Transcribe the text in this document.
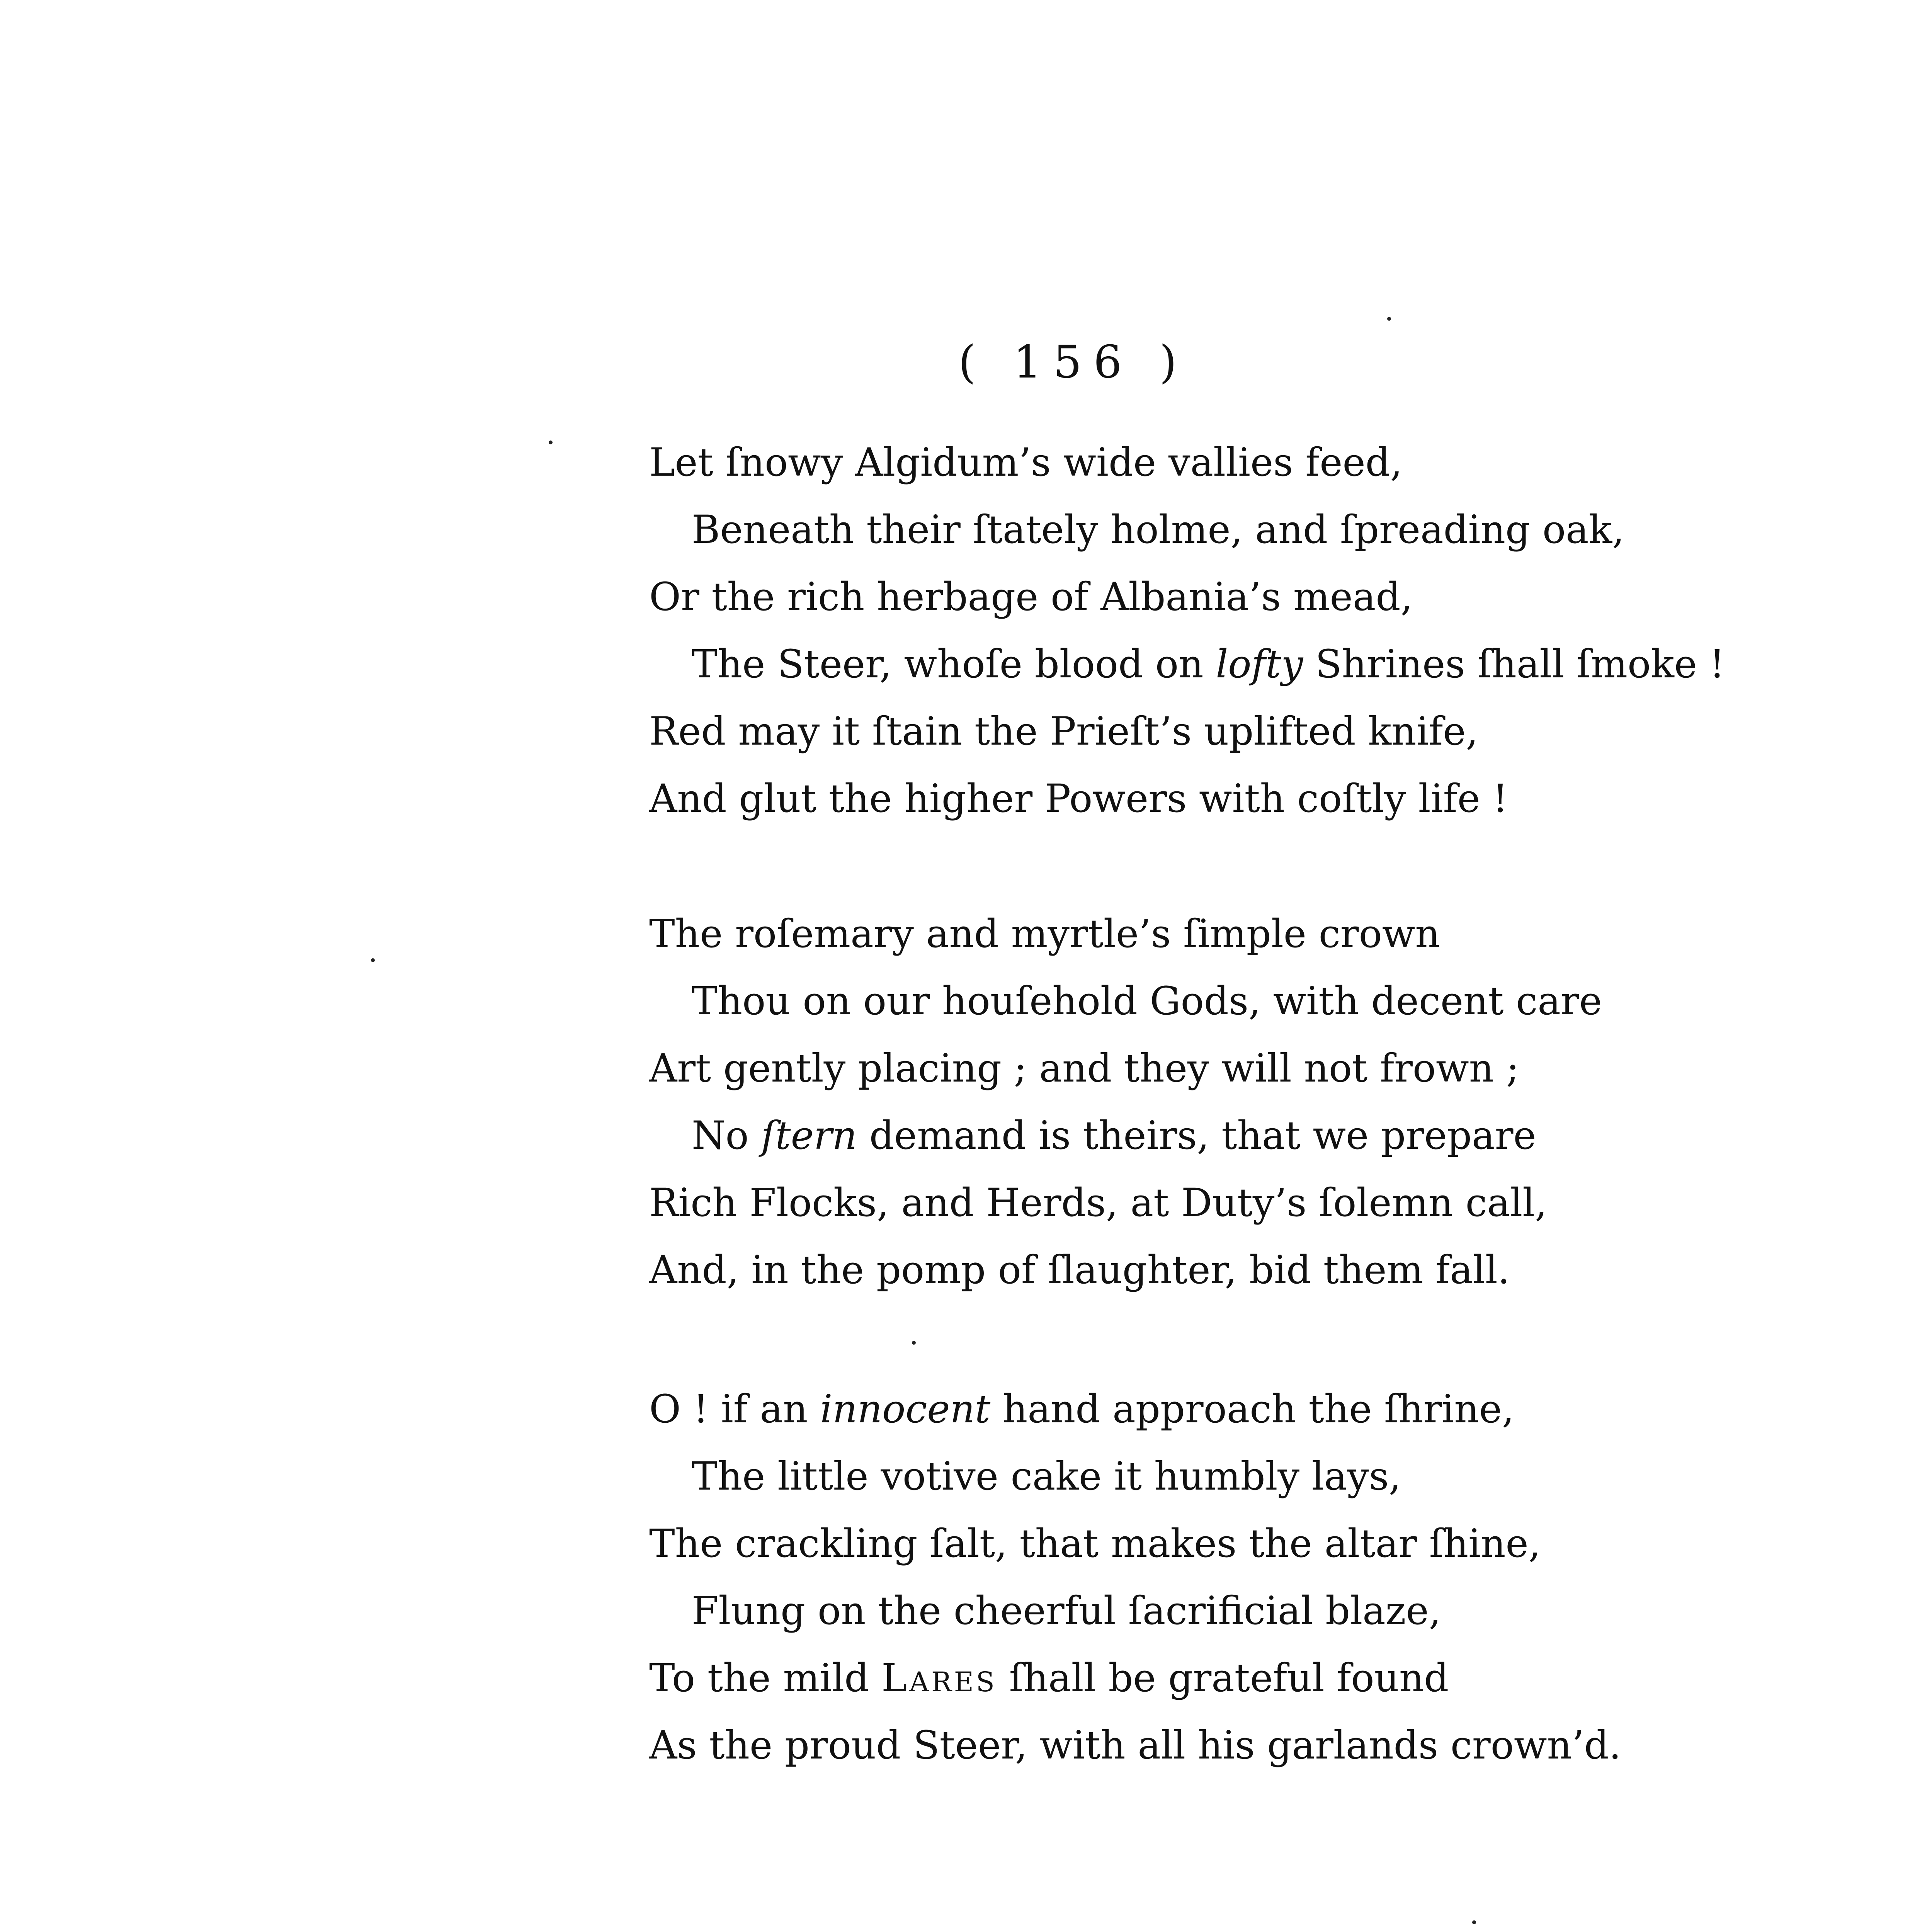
( 156 )
Let ſnowy Algidum’s wide vallies feed,
Beneath their ſtately holme, and ſpreading oak,
Or the rich herbage of Albania’s mead,
The Steer, whoſe blood on lofty Shrines ſhall ſmoke !
Red may it ſtain the Prieſt’s uplifted knife,
And glut the higher Powers with coſtly life !
The roſemary and myrtle’s ſimple crown
Thou on our houſehold Gods, with decent care
Art gently placing ; and they will not frown ;
No ſtern demand is theirs, that we prepare
Rich Flocks, and Herds, at Duty’s ſolemn call,
And, in the pomp of ſlaughter, bid them fall.
O ! if an innocent hand approach the ſhrine,
The little votive cake it humbly lays,
The crackling ſalt, that makes the altar ſhine,
Flung on the cheerful ſacrificial blaze,
To the mild Lares ſhall be grateful found
As the proud Steer, with all his garlands crown’d.
